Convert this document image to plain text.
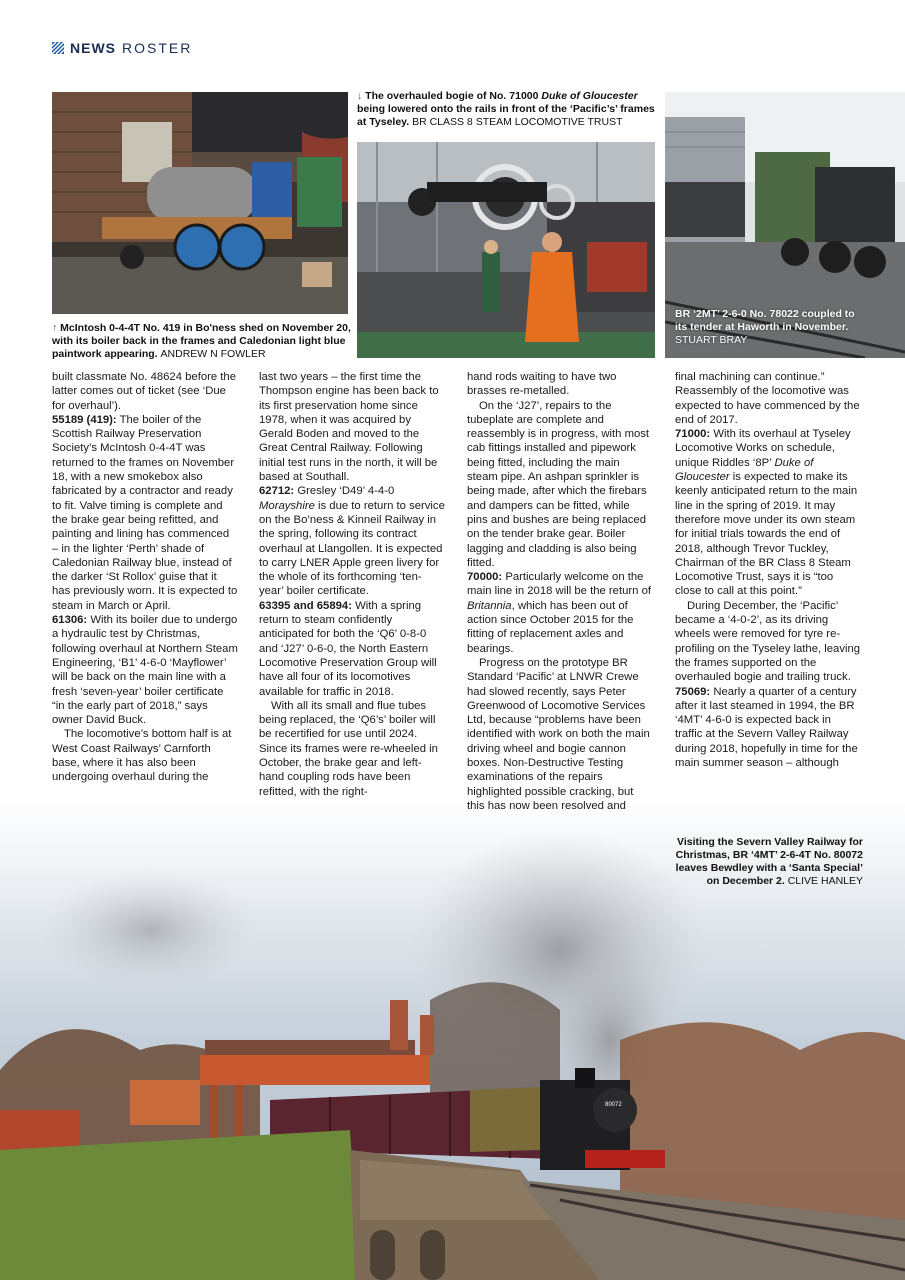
NEWS ROSTER
↑ McIntosh 0-4-4T No. 419 in Bo'ness shed on November 20, with its boiler back in the frames and Caledonian light blue paintwork appearing. ANDREW N FOWLER
↓ The overhauled bogie of No. 71000 Duke of Gloucester being lowered onto the rails in front of the ‘Pacific’s’ frames at Tyseley. BR CLASS 8 STEAM LOCOMOTIVE TRUST
BR ‘2MT’ 2-6-0 No. 78022 coupled to its tender at Haworth in November. STUART BRAY
80072
Visiting the Severn Valley Railway for Christmas, BR ‘4MT’ 2-6-4T No. 80072 leaves Bewdley with a ‘Santa Special’ on December 2. CLIVE HANLEY

built classmate No. 48624 before the latter comes out of ticket (see ‘Due for overhaul’).

55189 (419): The boiler of the Scottish Railway Preservation Society’s McIntosh 0-4-4T was returned to the frames on November 18, with a new smokebox also fabricated by a contractor and ready to fit. Valve timing is complete and the brake gear being refitted, and painting and lining has commenced – in the lighter ‘Perth’ shade of Caledonian Railway blue, instead of the darker ‘St Rollox’ guise that it has previously worn. It is expected to steam in March or April.

61306: With its boiler due to undergo a hydraulic test by Christmas, following overhaul at Northern Steam Engineering, ‘B1’ 4-6-0 ‘Mayflower’ will be back on the main line with a fresh ‘seven-year’ boiler certificate “in the early part of 2018,” says owner David Buck.

The locomotive’s bottom half is at West Coast Railways’ Carnforth base, where it has also been undergoing overhaul during the

last two years – the first time the Thompson engine has been back to its first preservation home since 1978, when it was acquired by Gerald Boden and moved to the Great Central Railway. Following initial test runs in the north, it will be based at Southall.

62712: Gresley ‘D49’ 4-4-0 Morayshire is due to return to service on the Bo’ness & Kinneil Railway in the spring, following its contract overhaul at Llangollen. It is expected to carry LNER Apple green livery for the whole of its forthcoming ‘ten-year’ boiler certificate.

63395 and 65894: With a spring return to steam confidently anticipated for both the ‘Q6’ 0-8-0 and ‘J27’ 0-6-0, the North Eastern Locomotive Preservation Group will have all four of its locomotives available for traffic in 2018.

With all its small and flue tubes being replaced, the ‘Q6’s’ boiler will be recertified for use until 2024. Since its frames were re-wheeled in October, the brake gear and left-hand coupling rods have been refitted, with the right-

hand rods waiting to have two brasses re-metalled.

On the ‘J27’, repairs to the tubeplate are complete and reassembly is in progress, with most cab fittings installed and pipework being fitted, including the main steam pipe. An ashpan sprinkler is being made, after which the firebars and dampers can be fitted, while pins and bushes are being replaced on the tender brake gear. Boiler lagging and cladding is also being fitted.

70000: Particularly welcome on the main line in 2018 will be the return of Britannia, which has been out of action since October 2015 for the fitting of replacement axles and bearings.

Progress on the prototype BR Standard ‘Pacific’ at LNWR Crewe had slowed recently, says Peter Greenwood of Locomotive Services Ltd, because “problems have been identified with work on both the main driving wheel and bogie cannon boxes. Non-Destructive Testing examinations of the repairs highlighted possible cracking, but this has now been resolved and

final machining can continue.” Reassembly of the locomotive was expected to have commenced by the end of 2017.

71000: With its overhaul at Tyseley Locomotive Works on schedule, unique Riddles ‘8P’ Duke of Gloucester is expected to make its keenly anticipated return to the main line in the spring of 2019. It may therefore move under its own steam for initial trials towards the end of 2018, although Trevor Tuckley, Chairman of the BR Class 8 Steam Locomotive Trust, says it is “too close to call at this point.”

During December, the ‘Pacific’ became a ‘4-0-2’, as its driving wheels were removed for tyre re-profiling on the Tyseley lathe, leaving the frames supported on the overhauled bogie and trailing truck.

75069: Nearly a quarter of a century after it last steamed in 1994, the BR ‘4MT’ 4-6-0 is expected back in traffic at the Severn Valley Railway during 2018, hopefully in time for the main summer season – although
